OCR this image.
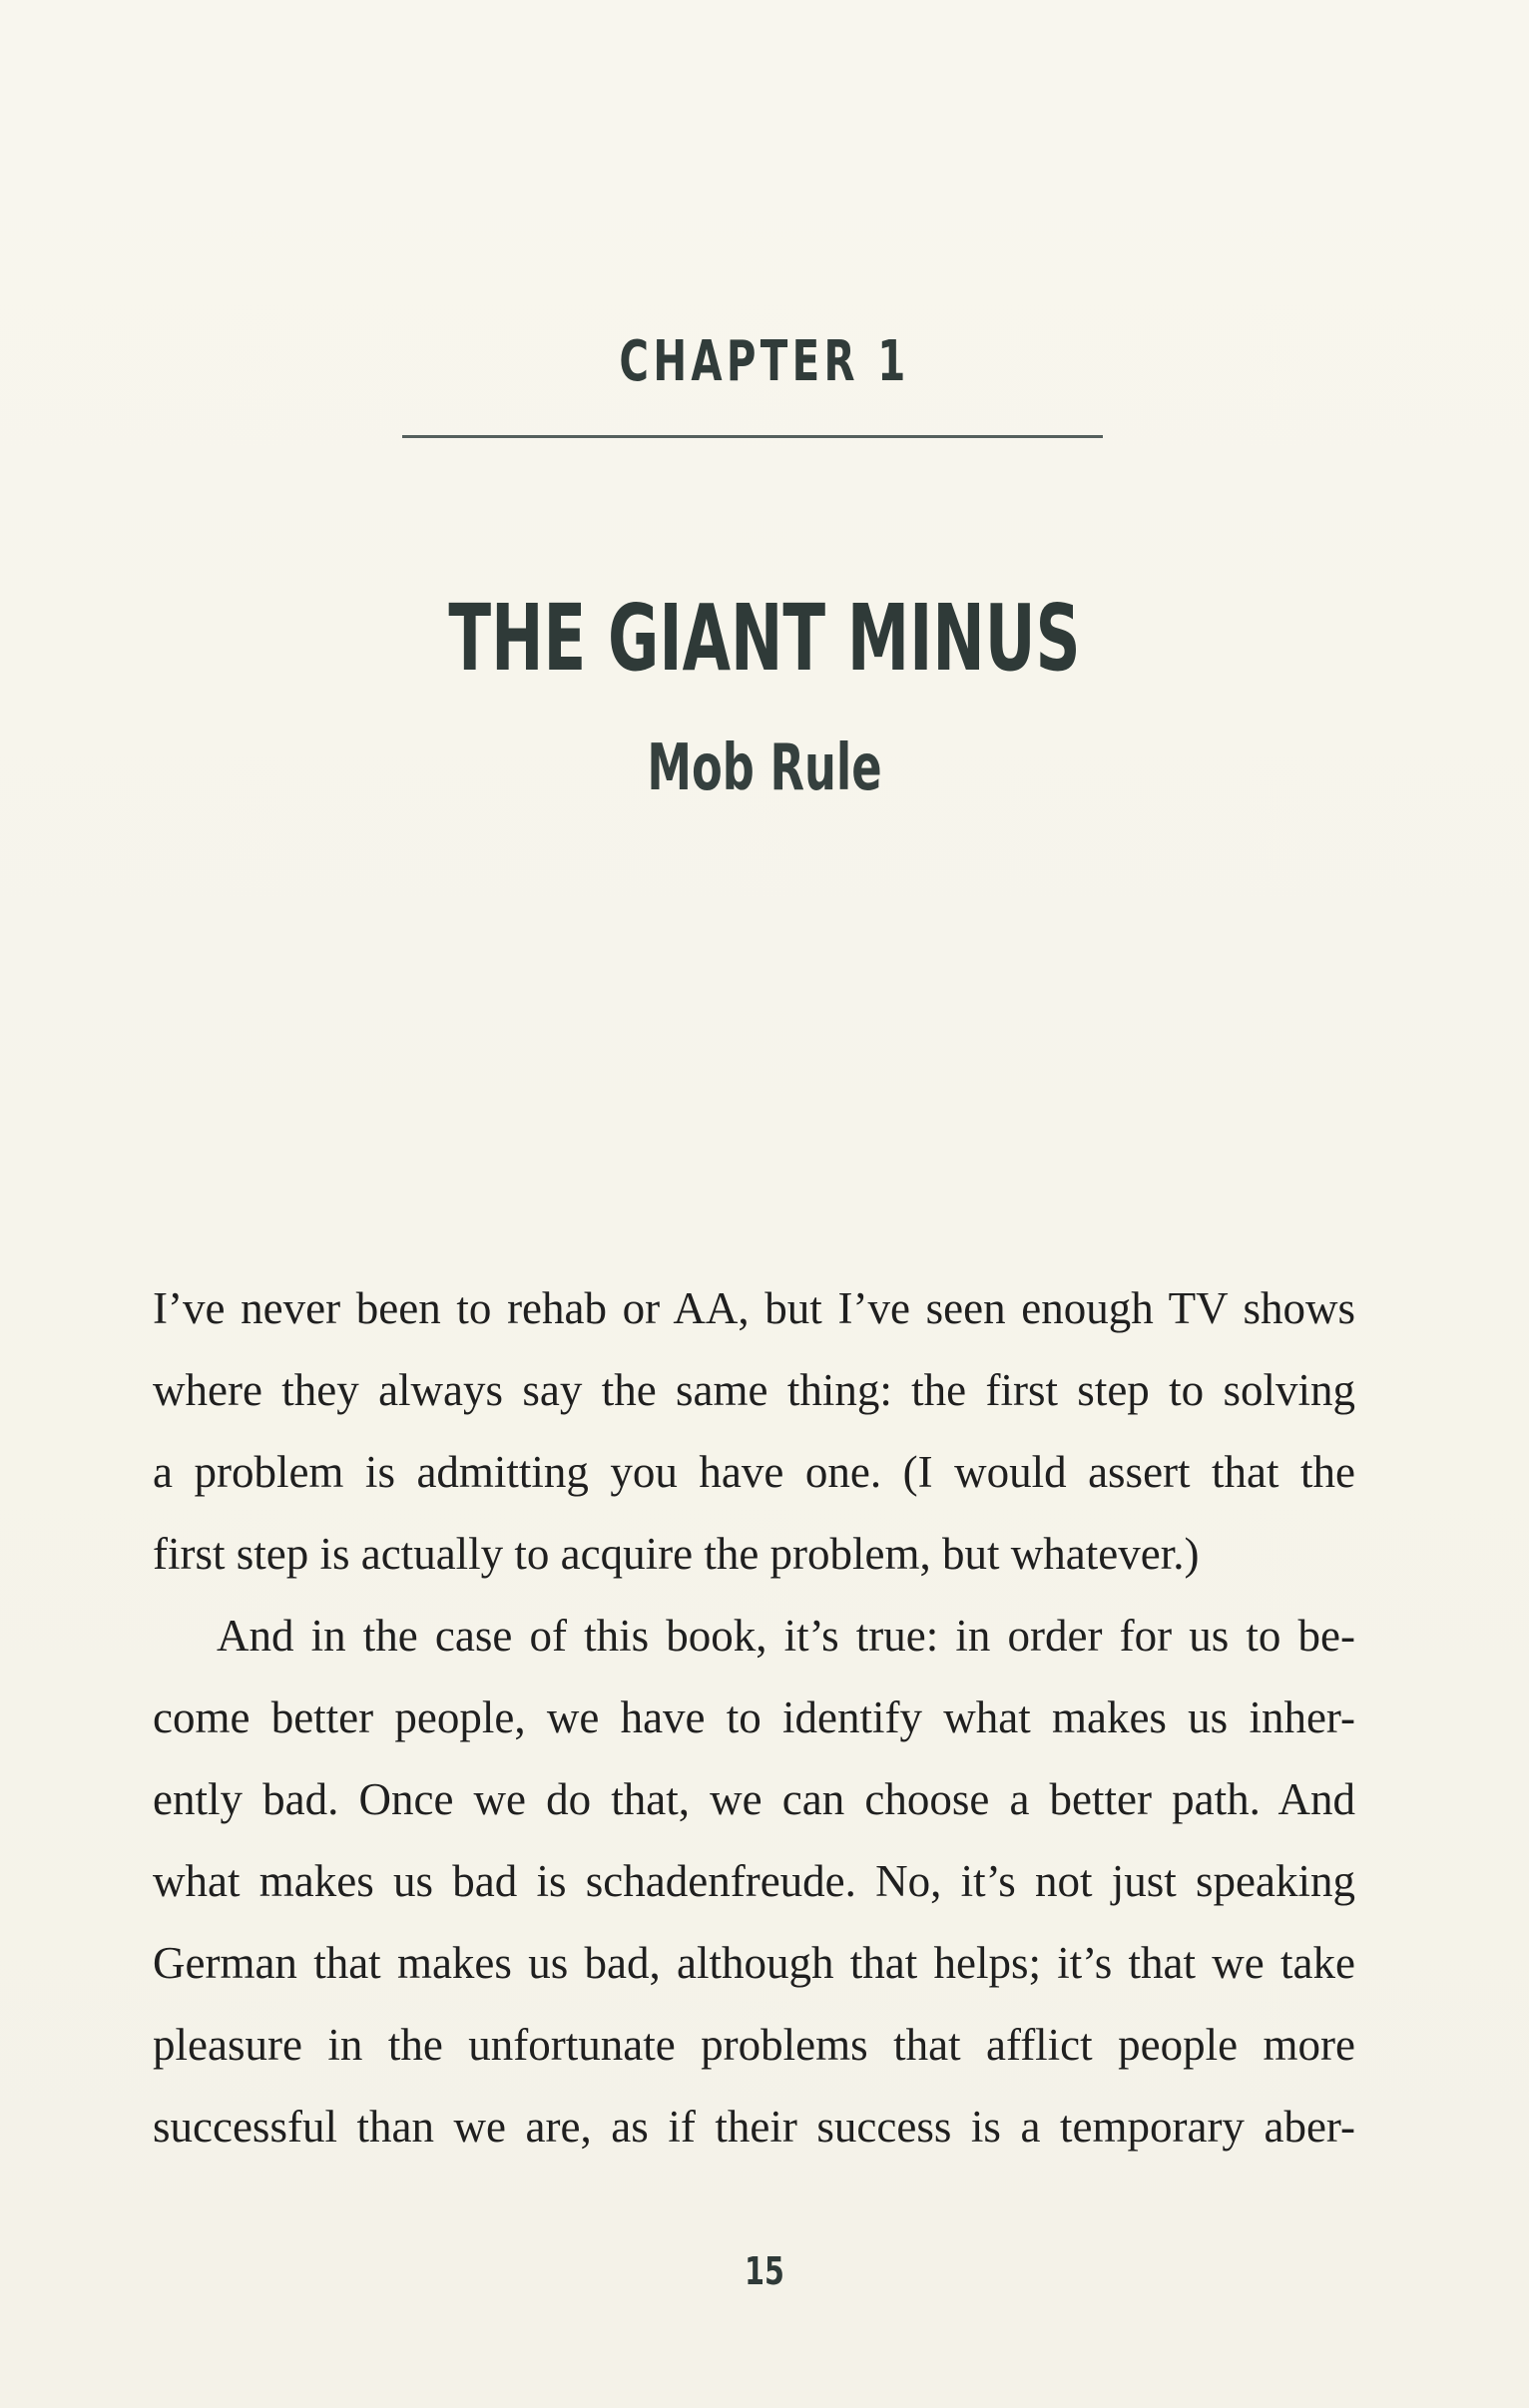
CHAPTER 1
THE GIANT MINUS
Mob Rule
I’ve never been to rehab or AA, but I’ve seen enough TV shows
where they always say the same thing: the first step to solving
a problem is admitting you have one. (I would assert that the
first step is actually to acquire the problem, but whatever.)
And in the case of this book, it’s true: in order for us to be-
come better people, we have to identify what makes us inher-
ently bad. Once we do that, we can choose a better path. And
what makes us bad is schadenfreude. No, it’s not just speaking
German that makes us bad, although that helps; it’s that we take
pleasure in the unfortunate problems that afflict people more
successful than we are, as if their success is a temporary aber-
15
